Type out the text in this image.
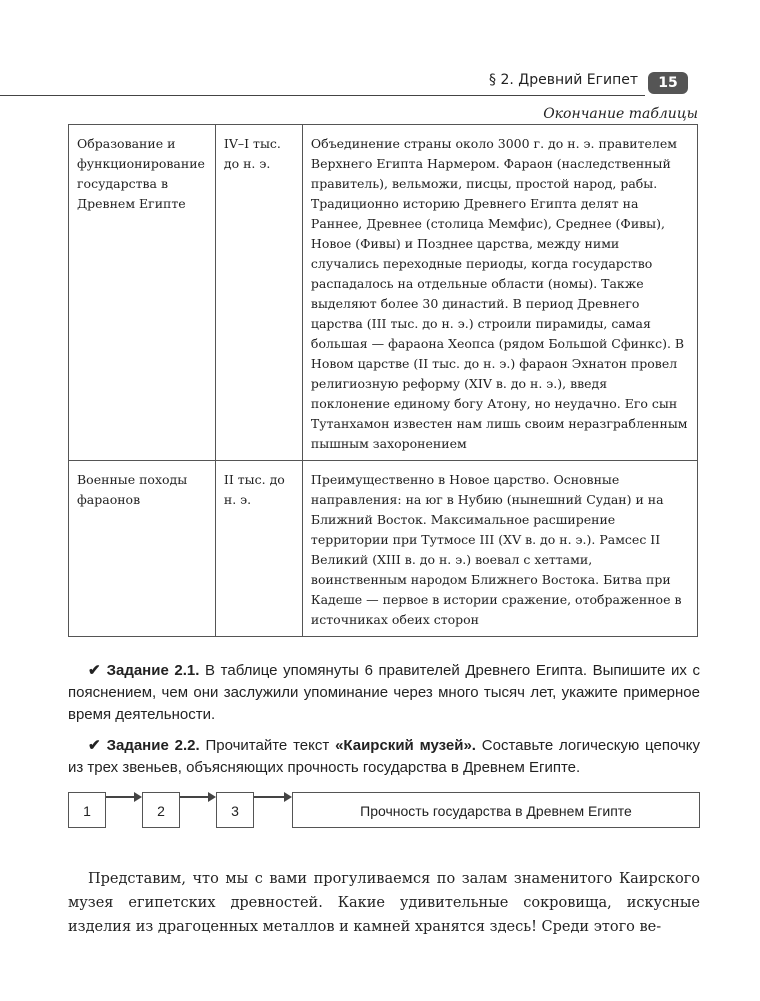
§ 2. Древний Египет	15
Окончание таблицы
Образование и функционирование государства в Древнем Египте	IV–I тыс. до н. э.	Объединение страны около 3000 г. до н. э. правителем Верхнего Египта Нармером. Фараон (наследственный правитель), вельможи, писцы, простой народ, рабы. Традиционно историю Древнего Египта делят на Раннее, Древнее (столица Мемфис), Среднее (Фивы), Новое (Фивы) и Позднее царства, между ними случались переходные периоды, когда государство распадалось на отдельные области (номы). Также выделяют более 30 династий. В период Древнего царства (III тыс. до н. э.) строили пирамиды, самая большая — фараона Хеопса (рядом Большой Сфинкс). В Новом царстве (II тыс. до н. э.) фараон Эхнатон провел религиозную реформу (XIV в. до н. э.), введя поклонение единому богу Атону, но неудачно. Его сын Тутанхамон известен нам лишь своим неразграбленным пышным захоронением
Военные походы фараонов	II тыс. до н. э.	Преимущественно в Новое царство. Основные направления: на юг в Нубию (нынешний Судан) и на Ближний Восток. Максимальное расширение территории при Тутмосе III (XV в. до н. э.). Рамсес II Великий (XIII в. до н. э.) воевал с хеттами, воинственным народом Ближнего Востока. Битва при Кадеше — первое в истории сражение, отображенное в источниках обеих сторон
✔ Задание 2.1. В таблице упомянуты 6 правителей Древнего Египта. Выпишите их с пояснением, чем они заслужили упоминание через много тысяч лет, укажите примерное время деятельности.
✔ Задание 2.2. Прочитайте текст «Каирский музей». Составьте логическую цепочку из трех звеньев, объясняющих прочность государства в Древнем Египте.
1	2	3	Прочность государства в Древнем Египте

Представим, что мы с вами прогуливаемся по залам знаменитого Каирского музея египетских древностей. Какие удивительные сокровища, искусные изделия из драгоценных металлов и камней хранятся здесь! Среди этого ве-
